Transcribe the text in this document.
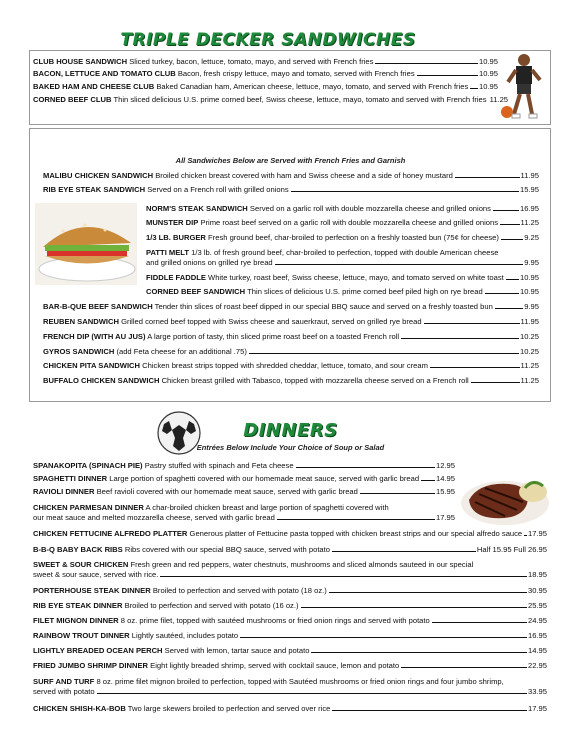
TRIPLE DECKER SANDWICHES
CLUB HOUSE SANDWICH Sliced turkey, bacon, lettuce, tomato, mayo, and served with French fries	10.95
BACON, LETTUCE AND TOMATO CLUB Bacon, fresh crispy lettuce, mayo and tomato, served with French fries	10.95
BAKED HAM AND CHEESE CLUB Baked Canadian ham, American cheese, lettuce, mayo, tomato, and served with French fries 10.95
CORNED BEEF CLUB Thin sliced delicious U.S. prime corned beef, Swiss cheese, lettuce, mayo, tomato and served with French fries 11.25
All Sandwiches Below are Served with French Fries and Garnish
MALIBU CHICKEN SANDWICH Broiled chicken breast covered with ham and Swiss cheese and a side of honey mustard	11.95
RIB EYE STEAK SANDWICH Served on a French roll with grilled onions	15.95
NORM'S STEAK SANDWICH Served on a garlic roll with double mozzarella cheese and grilled onions	16.95
MUNSTER DIP Prime roast beef served on a garlic roll with double mozzarella cheese and grilled onions	11.25
1/3 LB. BURGER Fresh ground beef, char-broiled to perfection on a freshly toasted bun (75¢ for cheese)	9.25
PATTI MELT 1/3 lb. of fresh ground beef, char-broiled to perfection, topped with double American cheese
and grilled onions on grilled rye bread	9.95
FIDDLE FADDLE White turkey, roast beef, Swiss cheese, lettuce, mayo, and tomato served on white toast 10.95
CORNED BEEF SANDWICH Thin slices of delicious U.S. prime corned beef piled high on rye bread	10.95
BAR-B-QUE BEEF SANDWICH Tender thin slices of roast beef dipped in our special BBQ sauce and served on a freshly toasted bun	9.95
REUBEN SANDWICH Grilled corned beef topped with Swiss cheese and sauerkraut, served on grilled rye bread	11.95
FRENCH DIP (WITH AU JUS) A large portion of tasty, thin sliced prime roast beef on a toasted French roll	10.25
GYROS SANDWICH (add Feta cheese for an additional .75)	10.25
CHICKEN PITA SANDWICH Chicken breast strips topped with shredded cheddar, lettuce, tomato, and sour cream	11.25
BUFFALO CHICKEN SANDWICH Chicken breast grilled with Tabasco, topped with mozzarella cheese served on a French roll	11.25
DINNERS
Entrées Below Include Your Choice of Soup or Salad
SPANAKOPITA (SPINACH PIE) Pastry stuffed with spinach and Feta cheese	12.95
SPAGHETTI DINNER Large portion of spaghetti covered with our homemade meat sauce, served with garlic bread 14.95
RAVIOLI DINNER Beef ravioli covered with our homemade meat sauce, served with garlic bread	15.95
CHICKEN PARMESAN DINNER A char-broiled chicken breast and large portion of spaghetti covered with
our meat sauce and melted mozzarella cheese, served with garlic bread	17.95
CHICKEN FETTUCINE ALFREDO PLATTER Generous platter of Fettucine pasta topped with chicken breast strips and our special alfredo sauce 17.95
B-B-Q BABY BACK RIBS Ribs covered with our special BBQ sauce, served with potato	Half 15.95 Full 26.95
SWEET & SOUR CHICKEN Fresh green and red peppers, water chestnuts, mushrooms and sliced almonds sauteed in our special
sweet & sour sauce, served with rice.	18.95
PORTERHOUSE STEAK DINNER Broiled to perfection and served with potato (18 oz.)	30.95
RIB EYE STEAK DINNER Broiled to perfection and served with potato (16 oz.)	25.95
FILET MIGNON DINNER 8 oz. prime filet, topped with sautéed mushrooms or fried onion rings and served with potato	24.95
RAINBOW TROUT DINNER Lightly sautéed, includes potato	16.95
LIGHTLY BREADED OCEAN PERCH Served with lemon, tartar sauce and potato	14.95
FRIED JUMBO SHRIMP DINNER Eight lightly breaded shrimp, served with cocktail sauce, lemon and potato	22.95
SURF AND TURF 8 oz. prime filet mignon broiled to perfection, topped with Sautéed mushrooms or fried onion rings and four jumbo shrimp,
served with potato	33.95
CHICKEN SHISH-KA-BOB Two large skewers broiled to perfection and served over rice	17.95
